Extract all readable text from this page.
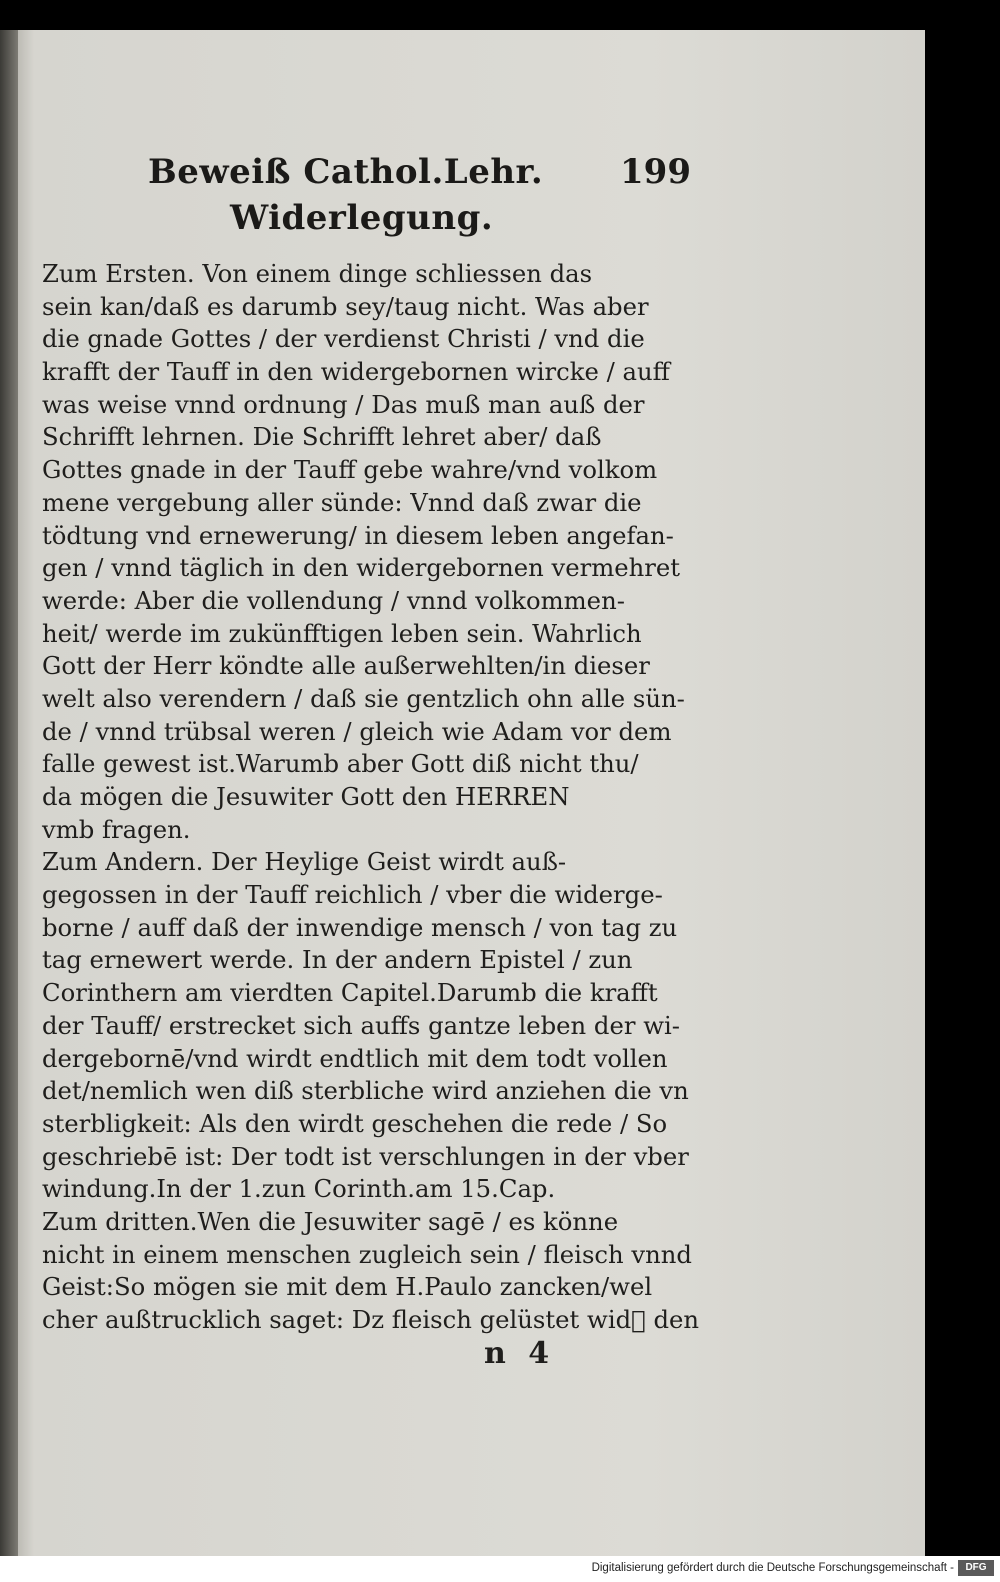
Beweiß Cathol.Lehr. 199
Widerlegung.
Zum Ersten. Von einem dinge schliessen das
sein kan/daß es darumb sey/taug nicht. Was aber
die gnade Gottes / der verdienst Christi / vnd die
krafft der Tauff in den widergebornen wircke / auff
was weise vnnd ordnung / Das muß man auß der
Schrifft lehrnen. Die Schrifft lehret aber/ daß
Gottes gnade in der Tauff gebe wahre/vnd volkom
mene vergebung aller sünde: Vnnd daß zwar die
tödtung vnd ernewerung/ in diesem leben angefan-
gen / vnnd täglich in den widergebornen vermehret
werde: Aber die vollendung / vnnd volkommen-
heit/ werde im zukünfftigen leben sein. Wahrlich
Gott der Herr köndte alle außerwehlten/in dieser
welt also verendern / daß sie gentzlich ohn alle sün-
de / vnnd trübsal weren / gleich wie Adam vor dem
falle gewest ist.Warumb aber Gott diß nicht thu/
da mögen die Jesuwiter Gott den HERREN
vmb fragen.
Zum Andern. Der Heylige Geist wirdt auß-
gegossen in der Tauff reichlich / vber die widerge-
borne / auff daß der inwendige mensch / von tag zu
tag ernewert werde. In der andern Epistel / zun
Corinthern am vierdten Capitel.Darumb die krafft
der Tauff/ erstrecket sich auffs gantze leben der wi-
dergebornē/vnd wirdt endtlich mit dem todt vollen
det/nemlich wen diß sterbliche wird anziehen die vn
sterbligkeit: Als den wirdt geschehen die rede / So
geschriebē ist: Der todt ist verschlungen in der vber
windung.In der 1.zun Corinth.am 15.Cap.
Zum dritten.Wen die Jesuwiter sagē / es könne
nicht in einem menschen zugleich sein / fleisch vnnd
Geist:So mögen sie mit dem H.Paulo zancken/wel
cher außtrucklich saget: Dz fleisch gelüstet wid᷑ den
n 4
Digitalisierung gefördert durch die Deutsche Forschungsgemeinschaft -	DFG
